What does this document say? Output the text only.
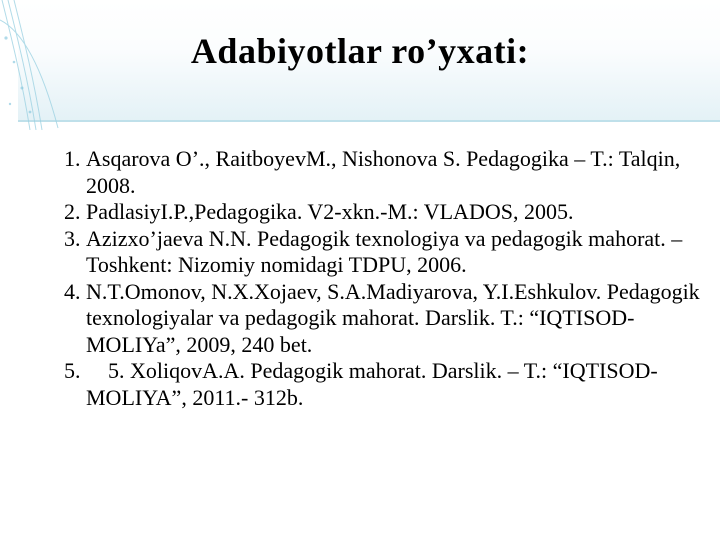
Adabiyotlar ro’yxati:
1. Asqarova O’., RaitboyevM., Nishonova S. Pedagogika – T.: Talqin, 2008.
2. PadlasiyI.P.,Pedagogika. V2-xkn.-M.: VLADOS, 2005.
3. Azizxo’jaeva N.N. Pedagogik texnologiya va pedagogik mahorat. – Toshkent: Nizomiy nomidagi TDPU, 2006.
4. N.T.Omonov, N.X.Xojaev, S.A.Madiyarova, Y.I.Eshkulov. Pedagogik texnologiyalar va pedagogik mahorat. Darslik. T.: “IQTISOD-MOLIYa”, 2009, 240 bet.
5.     5. XoliqovA.A. Pedagogik mahorat. Darslik. – T.: “IQTISOD-MOLIYA”, 2011.- 312b.
